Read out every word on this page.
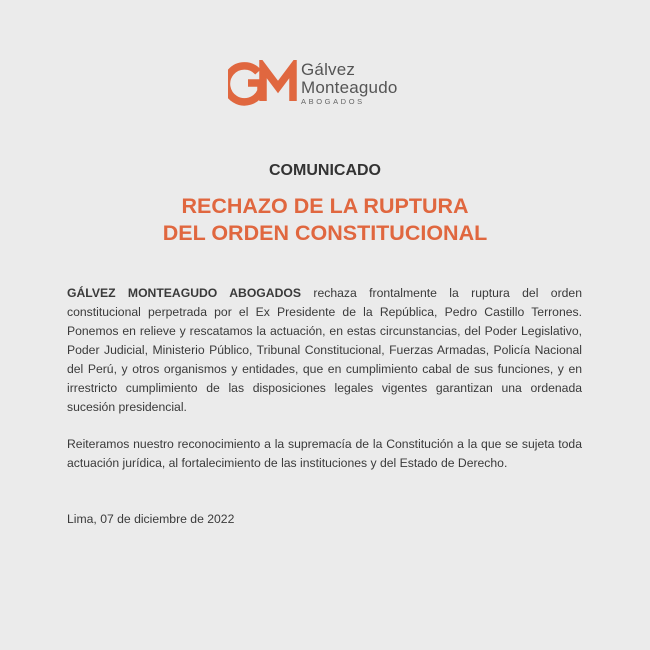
Gálvez
Monteagudo
ABOGADOS
COMUNICADO
RECHAZO DE LA RUPTURA
DEL ORDEN CONSTITUCIONAL

GÁLVEZ MONTEAGUDO ABOGADOS rechaza frontalmente la ruptura del orden constitucional perpetrada por el Ex Presidente de la República, Pedro Castillo Terrones. Ponemos en relieve y rescatamos la actuación, en estas circunstancias, del Poder Legislativo, Poder Judicial, Ministerio Público, Tribunal Constitucional, Fuerzas Armadas, Policía Nacional del Perú, y otros organismos y entidades, que en cumplimiento cabal de sus funciones, y en irrestricto cumplimiento de las disposiciones legales vigentes garantizan una ordenada sucesión presidencial.

Reiteramos nuestro reconocimiento a la supremacía de la Constitución a la que se sujeta toda actuación jurídica, al fortalecimiento de las instituciones y del Estado de Derecho.

Lima, 07 de diciembre de 2022
